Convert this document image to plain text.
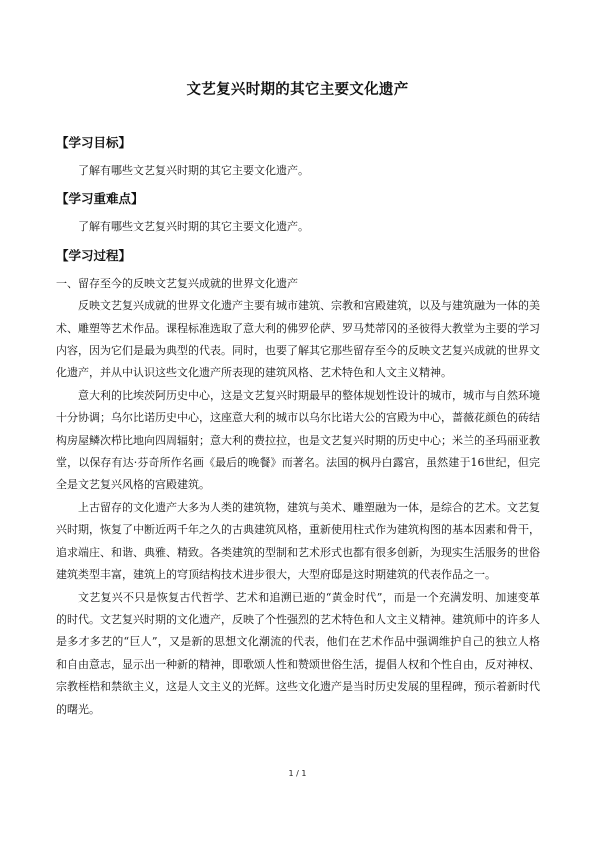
文艺复兴时期的其它主要文化遗产
【学习目标】

了解有哪些文艺复兴时期的其它主要文化遗产。

【学习重难点】

了解有哪些文艺复兴时期的其它主要文化遗产。

【学习过程】

一、留存至今的反映文艺复兴成就的世界文化遗产

反映文艺复兴成就的世界文化遗产主要有城市建筑、宗教和宫殿建筑，以及与建筑融为一体的美术、雕塑等艺术作品。课程标准选取了意大利的佛罗伦萨、罗马梵蒂冈的圣彼得大教堂为主要的学习内容，因为它们是最为典型的代表。同时，也要了解其它那些留存至今的反映文艺复兴成就的世界文化遗产，并从中认识这些文化遗产所表现的建筑风格、艺术特色和人文主义精神。

意大利的比埃茨阿历史中心，这是文艺复兴时期最早的整体规划性设计的城市，城市与自然环境十分协调；乌尔比诺历史中心，这座意大利的城市以乌尔比诺大公的宫殿为中心，蔷薇花颜色的砖结构房屋鳞次栉比地向四周辐射；意大利的费拉拉，也是文艺复兴时期的历史中心；米兰的圣玛丽亚教堂，以保存有达·芬奇所作名画《最后的晚餐》而著名。法国的枫丹白露宫，虽然建于16世纪，但完全是文艺复兴风格的宫殿建筑。

上古留存的文化遗产大多为人类的建筑物，建筑与美术、雕塑融为一体，是综合的艺术。文艺复兴时期，恢复了中断近两千年之久的古典建筑风格，重新使用柱式作为建筑构图的基本因素和骨干，追求端庄、和谐、典雅、精致。各类建筑的型制和艺术形式也都有很多创新，为现实生活服务的世俗建筑类型丰富，建筑上的穹顶结构技术进步很大，大型府邸是这时期建筑的代表作品之一。

文艺复兴不只是恢复古代哲学、艺术和追溯已逝的“黄金时代”，而是一个充满发明、加速变革的时代。文艺复兴时期的文化遗产，反映了个性强烈的艺术特色和人文主义精神。建筑师中的许多人是多才多艺的“巨人”，又是新的思想文化潮流的代表，他们在艺术作品中强调维护自己的独立人格和自由意志，显示出一种新的精神，即歌颂人性和赞颂世俗生活，提倡人权和个性自由，反对神权、宗教桎梏和禁欲主义，这是人文主义的光辉。这些文化遗产是当时历史发展的里程碑，预示着新时代的曙光。

1 / 1
